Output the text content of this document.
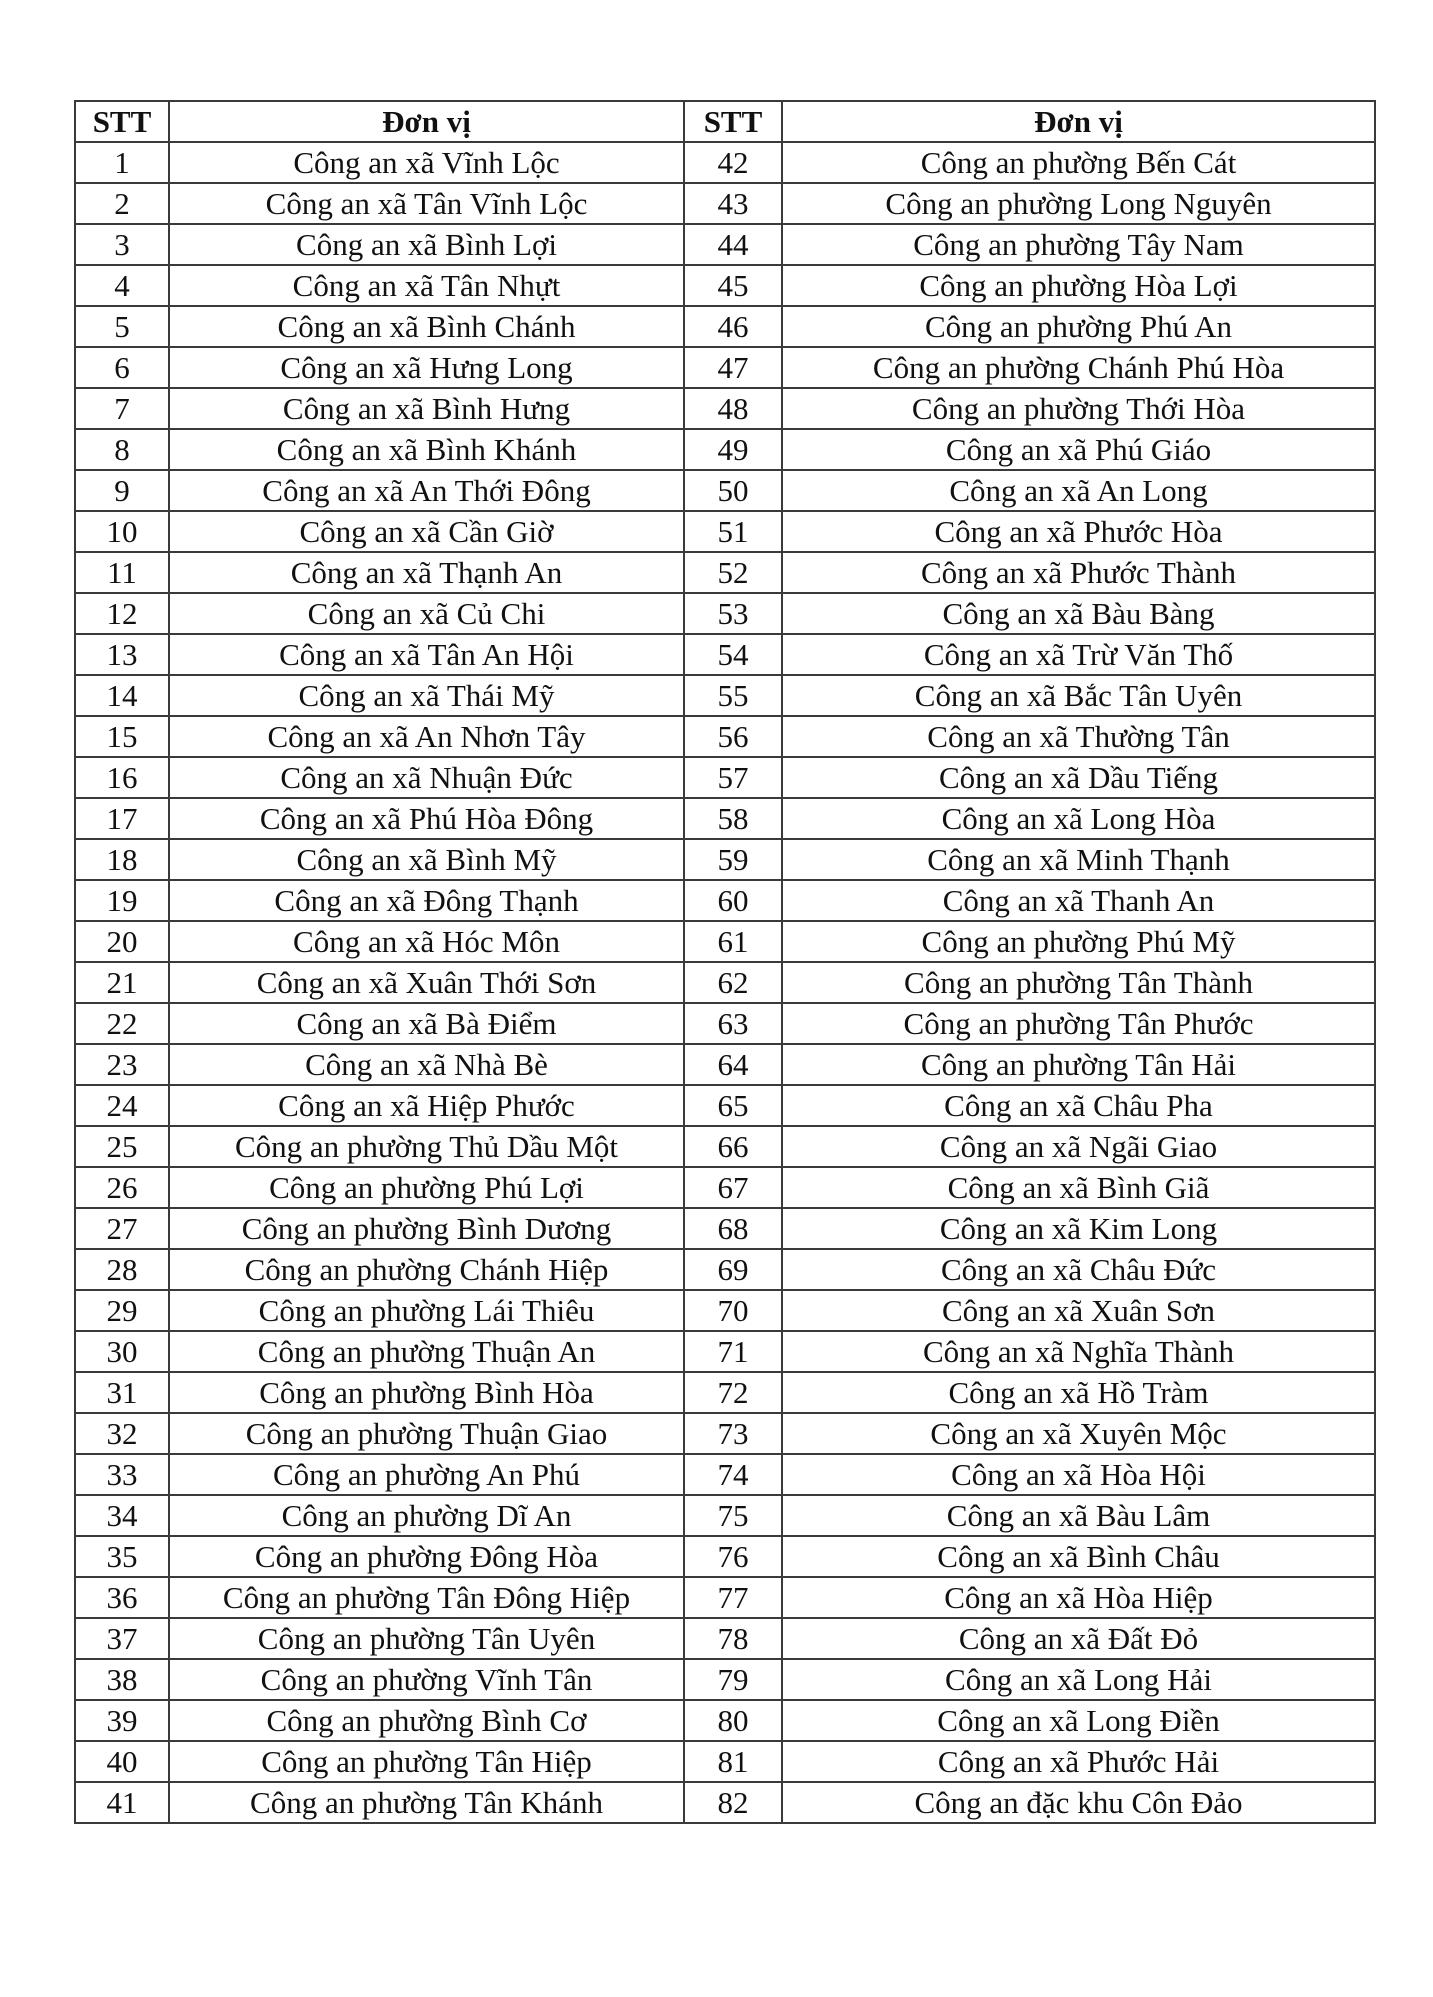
STT	Đơn vị	STT	Đơn vị
1	Công an xã Vĩnh Lộc	42	Công an phường Bến Cát
2	Công an xã Tân Vĩnh Lộc	43	Công an phường Long Nguyên
3	Công an xã Bình Lợi	44	Công an phường Tây Nam
4	Công an xã Tân Nhựt	45	Công an phường Hòa Lợi
5	Công an xã Bình Chánh	46	Công an phường Phú An
6	Công an xã Hưng Long	47	Công an phường Chánh Phú Hòa
7	Công an xã Bình Hưng	48	Công an phường Thới Hòa
8	Công an xã Bình Khánh	49	Công an xã Phú Giáo
9	Công an xã An Thới Đông	50	Công an xã An Long
10	Công an xã Cần Giờ	51	Công an xã Phước Hòa
11	Công an xã Thạnh An	52	Công an xã Phước Thành
12	Công an xã Củ Chi	53	Công an xã Bàu Bàng
13	Công an xã Tân An Hội	54	Công an xã Trừ Văn Thố
14	Công an xã Thái Mỹ	55	Công an xã Bắc Tân Uyên
15	Công an xã An Nhơn Tây	56	Công an xã Thường Tân
16	Công an xã Nhuận Đức	57	Công an xã Dầu Tiếng
17	Công an xã Phú Hòa Đông	58	Công an xã Long Hòa
18	Công an xã Bình Mỹ	59	Công an xã Minh Thạnh
19	Công an xã Đông Thạnh	60	Công an xã Thanh An
20	Công an xã Hóc Môn	61	Công an phường Phú Mỹ
21	Công an xã Xuân Thới Sơn	62	Công an phường Tân Thành
22	Công an xã Bà Điểm	63	Công an phường Tân Phước
23	Công an xã Nhà Bè	64	Công an phường Tân Hải
24	Công an xã Hiệp Phước	65	Công an xã Châu Pha
25	Công an phường Thủ Dầu Một	66	Công an xã Ngãi Giao
26	Công an phường Phú Lợi	67	Công an xã Bình Giã
27	Công an phường Bình Dương	68	Công an xã Kim Long
28	Công an phường Chánh Hiệp	69	Công an xã Châu Đức
29	Công an phường Lái Thiêu	70	Công an xã Xuân Sơn
30	Công an phường Thuận An	71	Công an xã Nghĩa Thành
31	Công an phường Bình Hòa	72	Công an xã Hồ Tràm
32	Công an phường Thuận Giao	73	Công an xã Xuyên Mộc
33	Công an phường An Phú	74	Công an xã Hòa Hội
34	Công an phường Dĩ An	75	Công an xã Bàu Lâm
35	Công an phường Đông Hòa	76	Công an xã Bình Châu
36	Công an phường Tân Đông Hiệp	77	Công an xã Hòa Hiệp
37	Công an phường Tân Uyên	78	Công an xã Đất Đỏ
38	Công an phường Vĩnh Tân	79	Công an xã Long Hải
39	Công an phường Bình Cơ	80	Công an xã Long Điền
40	Công an phường Tân Hiệp	81	Công an xã Phước Hải
41	Công an phường Tân Khánh	82	Công an đặc khu Côn Đảo
